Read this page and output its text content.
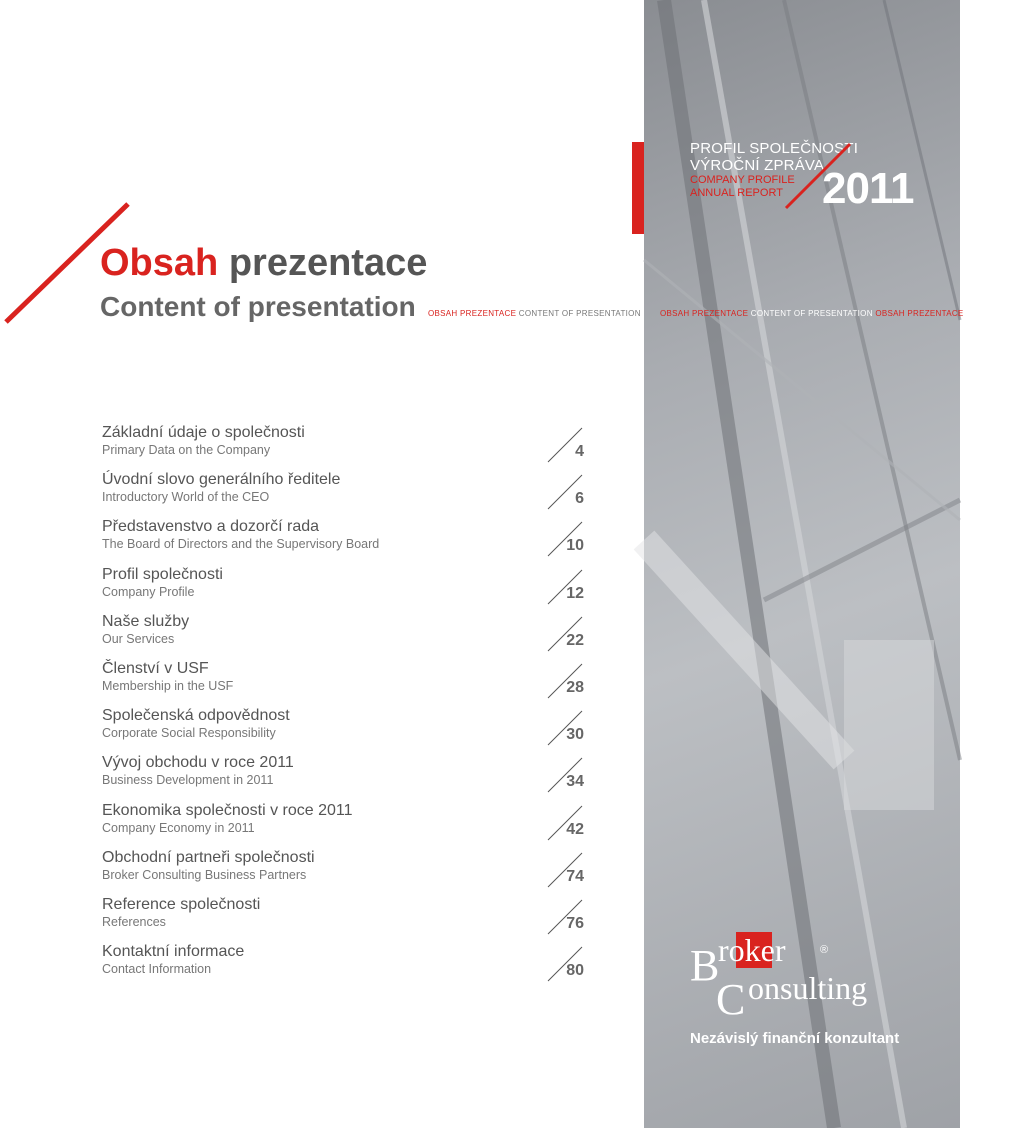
PROFIL SPOLEČNOSTI
VÝROČNÍ ZPRÁVA
COMPANY PROFILE
ANNUAL REPORT 2011
Obsah prezentace
Content of presentation OBSAH PREZENTACE CONTENT OF PRESENTATION OBSAH PREZENTACE CONTENT OF PRESENTATION OBSAH PREZENTACE CONTENT O
Základní údaje o společnosti
Primary Data on the Company	4
Úvodní slovo generálního ředitele
Introductory World of the CEO	6
Představenstvo a dozorčí rada
The Board of Directors and the Supervisory Board	10
Profil společnosti
Company Profile	12
Naše služby
Our Services	22
Členství v USF
Membership in the USF	28
Společenská odpovědnost
Corporate Social Responsibility	30
Vývoj obchodu v roce 2011
Business Development in 2011	34
Ekonomika společnosti v roce 2011
Company Economy in 2011	42
Obchodní partneři společnosti
Broker Consulting Business Partners	74
Reference společnosti
References	76
Kontaktní informace
Contact Information	80 B
roker	®
C onsulting
Nezávislý finanční konzultant
